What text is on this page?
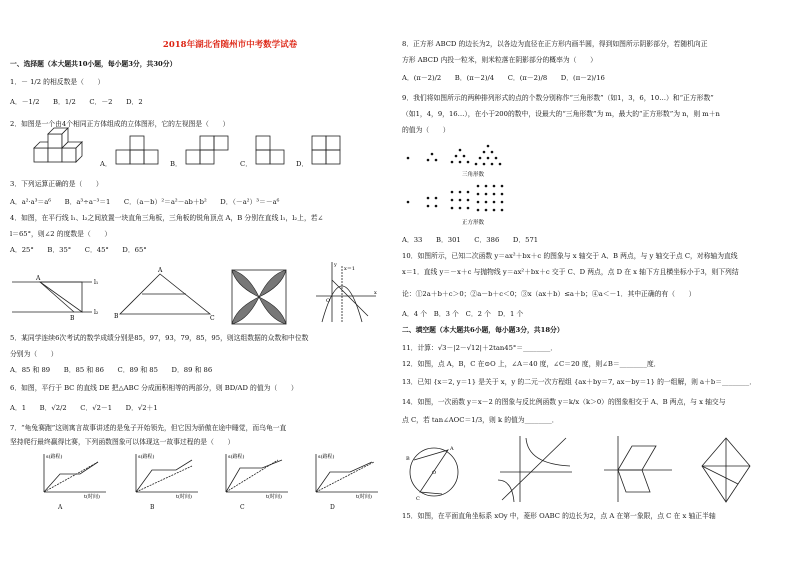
2018年湖北省随州市中考数学试卷
一、选择题（本大题共10小题，每小题3分，共30分）
1．－ 1/2 的相反数是（　　）
A．－1/2　　B．1/2　　C．－2　　D．2
2．如图是一个由4个相同正方体组成的立体图形，它的左视图是（　　）
A．	B．	C．	D．
3．下列运算正确的是（　　）
A．a²·a³＝a⁶　　B．a³÷a⁻³＝1　　C．（a－b）²＝a²－ab＋b²　　D．（－a²）³＝－a⁶
4．如图，在平行线 l₁、l₂之间放置一块直角三角板，三角板的锐角顶点 A，B 分别在直线 l₁，l₂上，若∠
l＝65°，则∠2 的度数是（　　）
A．25°　　B．35°　　C．45°　　D．65°
l₁
l₂
A
B
A
B	C
x
y
O
x＝1
5．某同学连续6次考试的数学成绩分别是85，97，93，79，85，95，则这组数据的众数和中位数
分别为（　　）
A．85 和 89　　B．85 和 86　　C．89 和 85　　D．89 和 86
6．如图，平行于 BC 的直线 DE 把△ABC 分成面积相等的两部分，则 BD/AD 的值为（　　）
A．1　　B．√2/2　　C．√2－1　　D．√2＋1
7．“龟兔赛跑”这则寓言故事讲述的是兔子开始领先，但它因为骄傲在途中睡觉，而乌龟一直
坚持爬行最终赢得比赛，下列函数图象可以体现这一故事过程的是（　　）
s(路程)
t(时间)
s(路程)
t(时间)
s(路程)
t(时间)
s(路程)
t(时间)
A	B	C	D
8．正方形 ABCD 的边长为2，以各边为直径在正方形内画半圆，得到如图所示阴影部分，若随机向正
方形 ABCD 内投一粒米，则米粒落在阴影部分的概率为（　　）
A．(π－2)/2　　B．(π－2)/4　　C．(π－2)/8　　D．(π－2)/16
9．我们将如图所示的两种排列形式的点的个数分别称作“三角形数”（如1，3，6，10…）和“正方形数”
（如1，4，9，16…），在小于200的数中，设最大的“三角形数”为 m，最大的“正方形数”为 n，则 m＋n
的值为（　　）
三角形数
正方形数
A．33　　B．301　　C．386　　D．571
10．如图所示，已知二次函数 y＝ax²＋bx＋c 的图象与 x 轴交于 A、B 两点，与 y 轴交于点 C，对称轴为直线
x＝1．直线 y＝－x＋c 与抛物线 y＝ax²＋bx＋c 交于 C、D 两点，点 D 在 x 轴下方且横坐标小于3，则下列结
论：①2a＋b＋c＞0；②a－b＋c＜0；③x（ax＋b）≤a＋b；④a＜－1．其中正确的有（　　）
A．4 个　B．3 个　C．2 个　D．1 个
二、填空题（本大题共6小题，每小题3分，共18分）
11．计算：√3－|2－√12|＋2tan45°＝________．
12．如图，点 A，B，C 在⊙O 上，∠A＝40 度，∠C＝20 度，则∠B＝________度．
13．已知 {x＝2, y＝1} 是关于 x，y 的二元一次方程组 {ax＋by＝7, ax－by＝1} 的一组解，则 a＋b＝________．
14．如图，一次函数 y＝x－2 的图象与反比例函数 y＝k/x（k＞0）的图象相交于 A、B 两点，与 x 轴交与
点 C，若 tan∠AOC＝1/3，则 k 的值为________．
B
A
C
O
15．如图，在平面直角坐标系 xOy 中，菱形 OABC 的边长为2，点 A 在第一象限，点 C 在 x 轴正半轴
